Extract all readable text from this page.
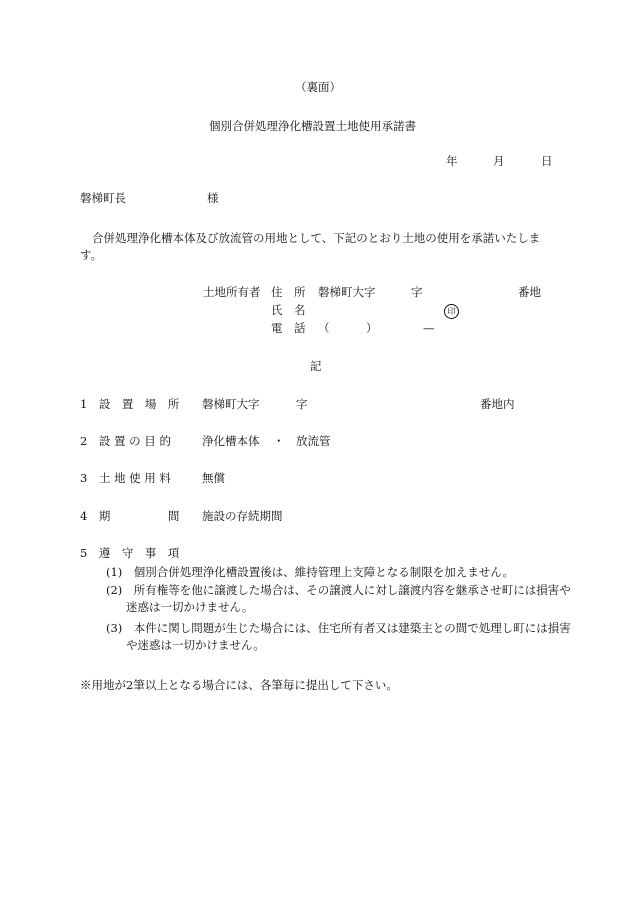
（裏面）
個別合併処理浄化槽設置土地使用承諾書
年	月	日
磐梯町長	様
合併処理浄化槽本体及び放流管の用地として、下記のとおり土地の使用を承諾いたします。
土地所有者 住　所 磐梯町大字	字	番地
氏　名	印
電　話 （	）	—
記
1　設　置　場　所 磐梯町大字	字	番地内
2　設 置 の 目 的	浄化槽本体 ・ 放流管
3　土 地 使 用 料	無償
4　期　　　　　間 施設の存続期間
5　遵　守　事　項
(1)　個別合併処理浄化槽設置後は、維持管理上支障となる制限を加えません。
(2)　所有権等を他に譲渡した場合は、その譲渡人に対し譲渡内容を継承させ町には損害や迷惑は一切かけません。
(3)　本件に関し問題が生じた場合には、住宅所有者又は建築主との間で処理し町には損害や迷惑は一切かけません。
※用地が2筆以上となる場合には、各筆毎に提出して下さい。
